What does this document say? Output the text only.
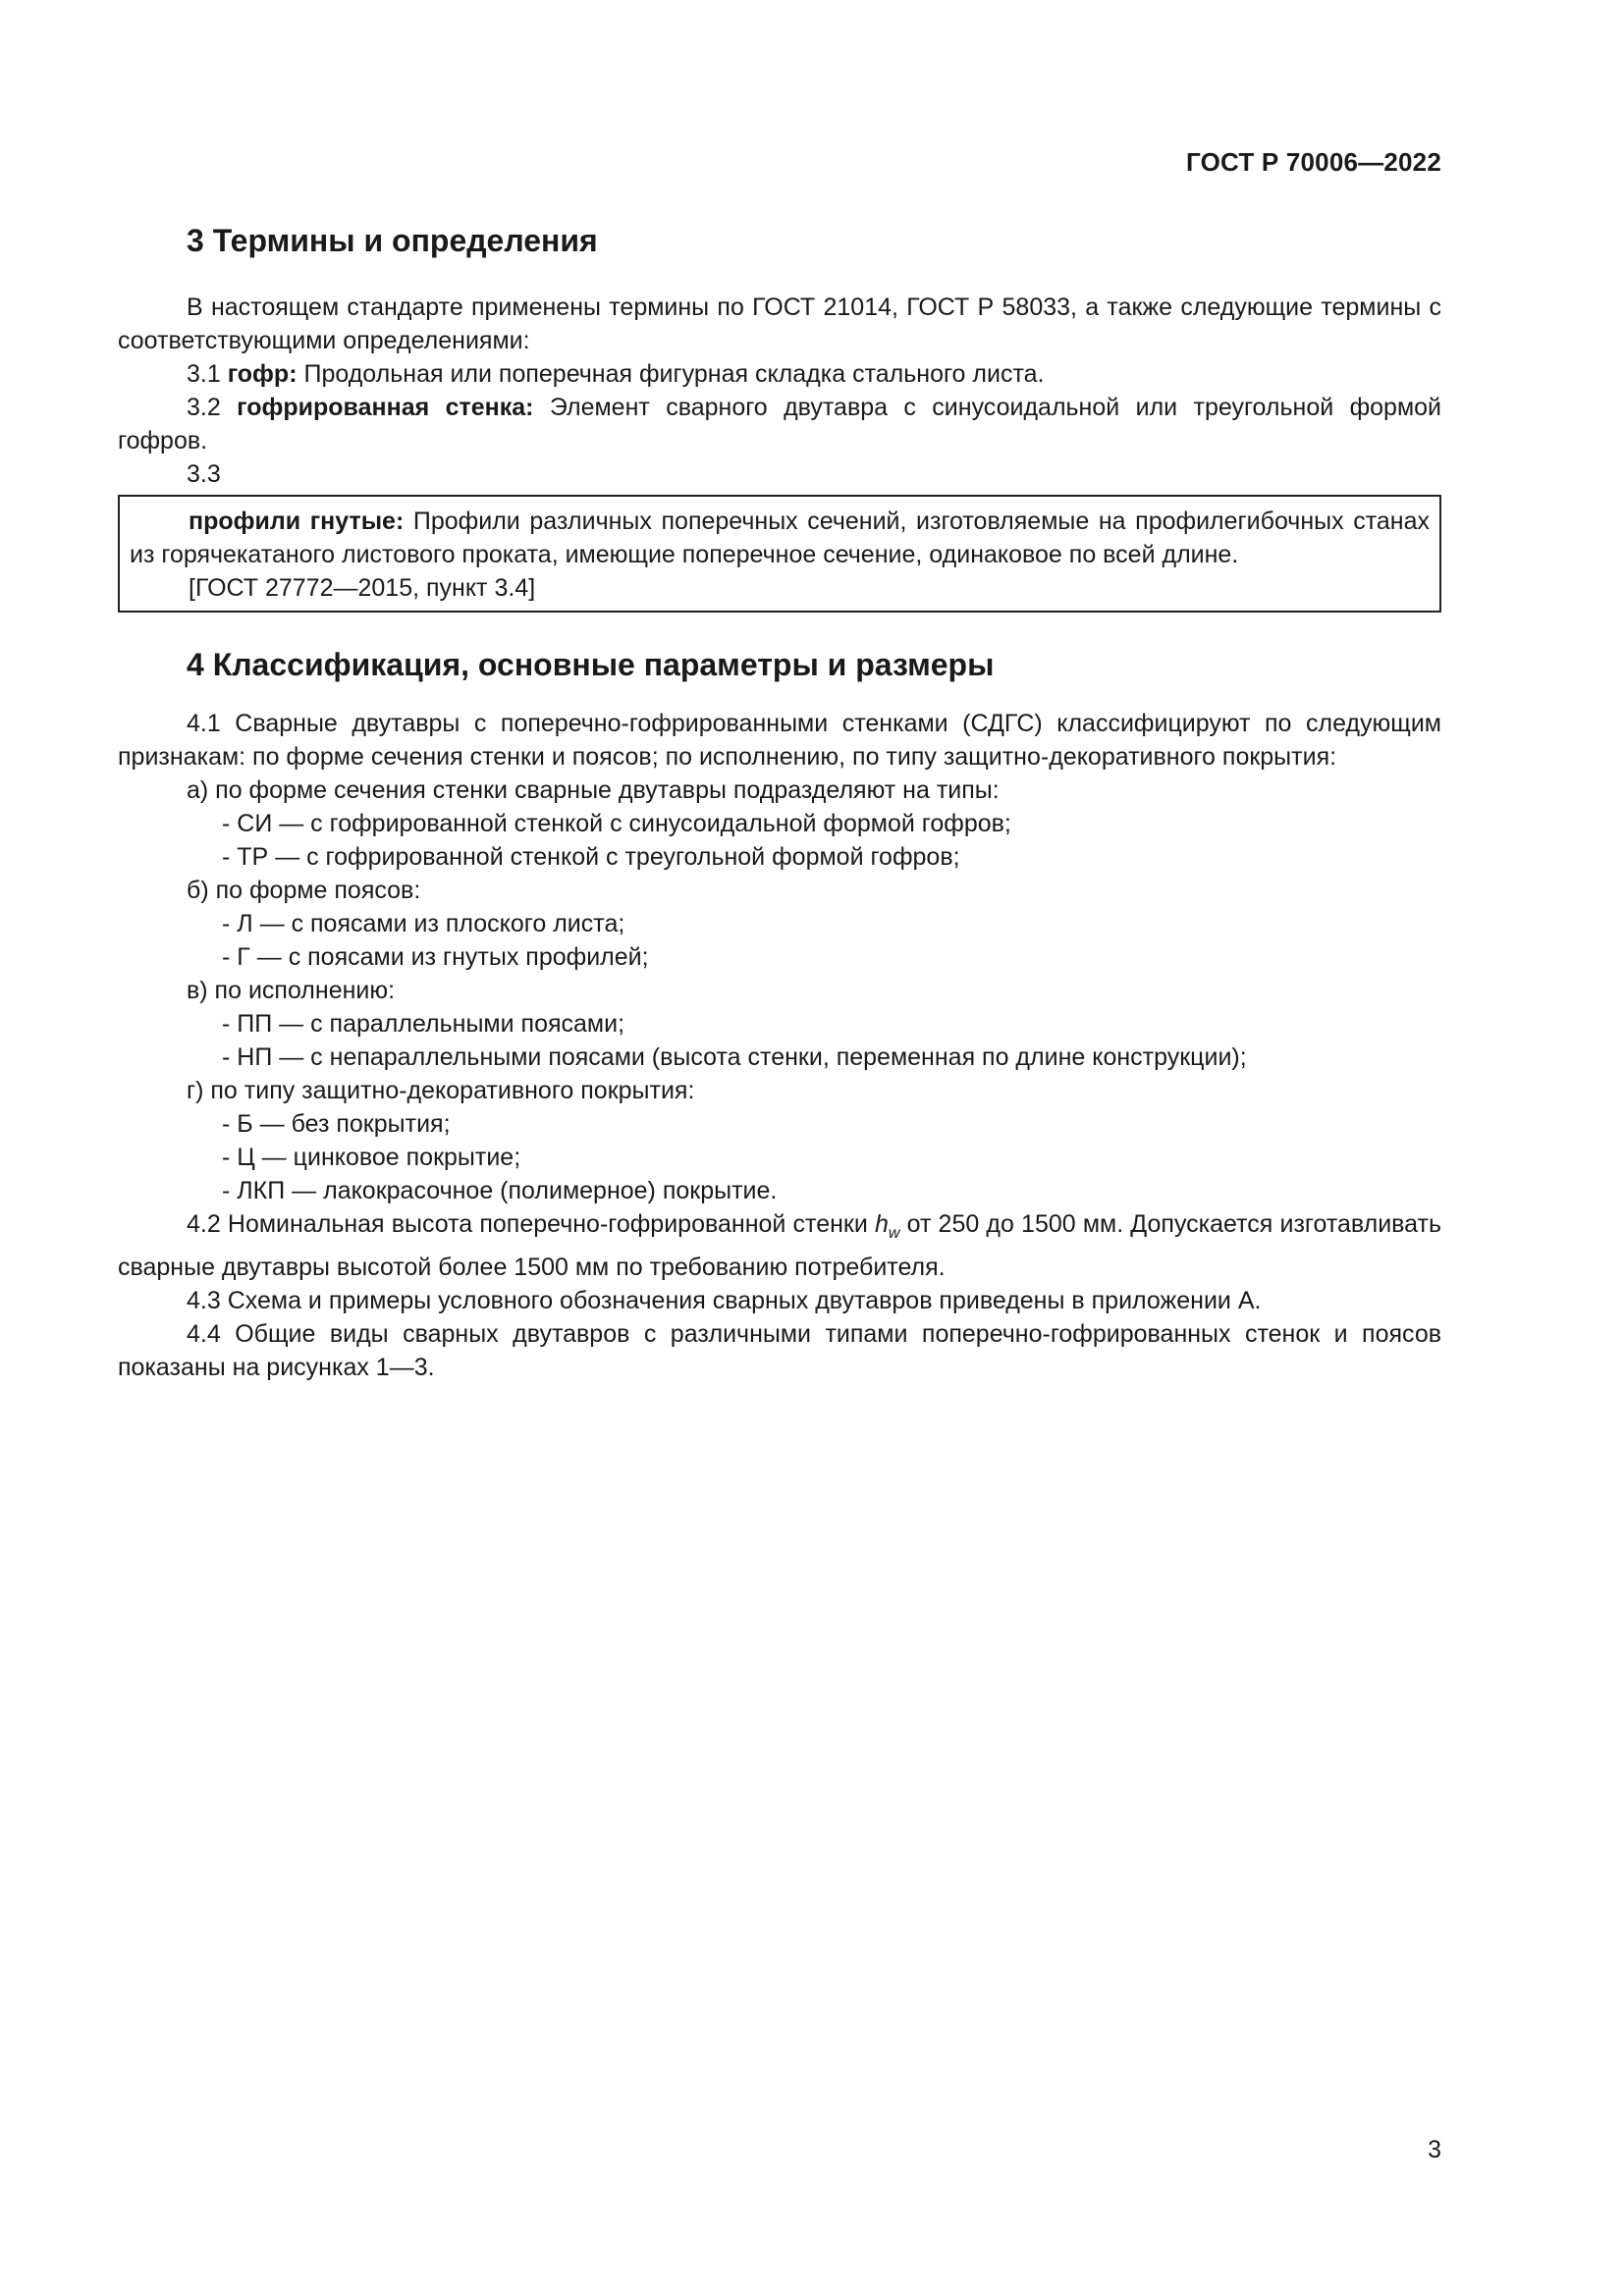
ГОСТ Р 70006—2022
3 Термины и определения

В настоящем стандарте применены термины по ГОСТ 21014, ГОСТ Р 58033, а также следующие термины с соответствующими определениями:

3.1 гофр: Продольная или поперечная фигурная складка стального листа.

3.2 гофрированная стенка: Элемент сварного двутавра с синусоидальной или треугольной формой гофров.

3.3

профили гнутые: Профили различных поперечных сечений, изготовляемые на профилегибочных станах из горячекатаного листового проката, имеющие поперечное сечение, одинаковое по всей длине.

[ГОСТ 27772—2015, пункт 3.4]

4 Классификация, основные параметры и размеры

4.1 Сварные двутавры с поперечно-гофрированными стенками (СДГС) классифицируют по следующим признакам: по форме сечения стенки и поясов; по исполнению, по типу защитно-декоративного покрытия:

а) по форме сечения стенки сварные двутавры подразделяют на типы:

- СИ — с гофрированной стенкой с синусоидальной формой гофров;

- ТР — с гофрированной стенкой с треугольной формой гофров;

б) по форме поясов:

- Л — с поясами из плоского листа;

- Г — с поясами из гнутых профилей;

в) по исполнению:

- ПП — с параллельными поясами;

- НП — с непараллельными поясами (высота стенки, переменная по длине конструкции);

г) по типу защитно-декоративного покрытия:

- Б — без покрытия;

- Ц — цинковое покрытие;

- ЛКП — лакокрасочное (полимерное) покрытие.

4.2 Номинальная высота поперечно-гофрированной стенки $h_w$ от 250 до 1500 мм. Допускается изготавливать сварные двутавры высотой более 1500 мм по требованию потребителя.

4.3 Схема и примеры условного обозначения сварных двутавров приведены в приложении А.

4.4 Общие виды сварных двутавров с различными типами поперечно-гофрированных стенок и поясов показаны на рисунках 1—3.

3
